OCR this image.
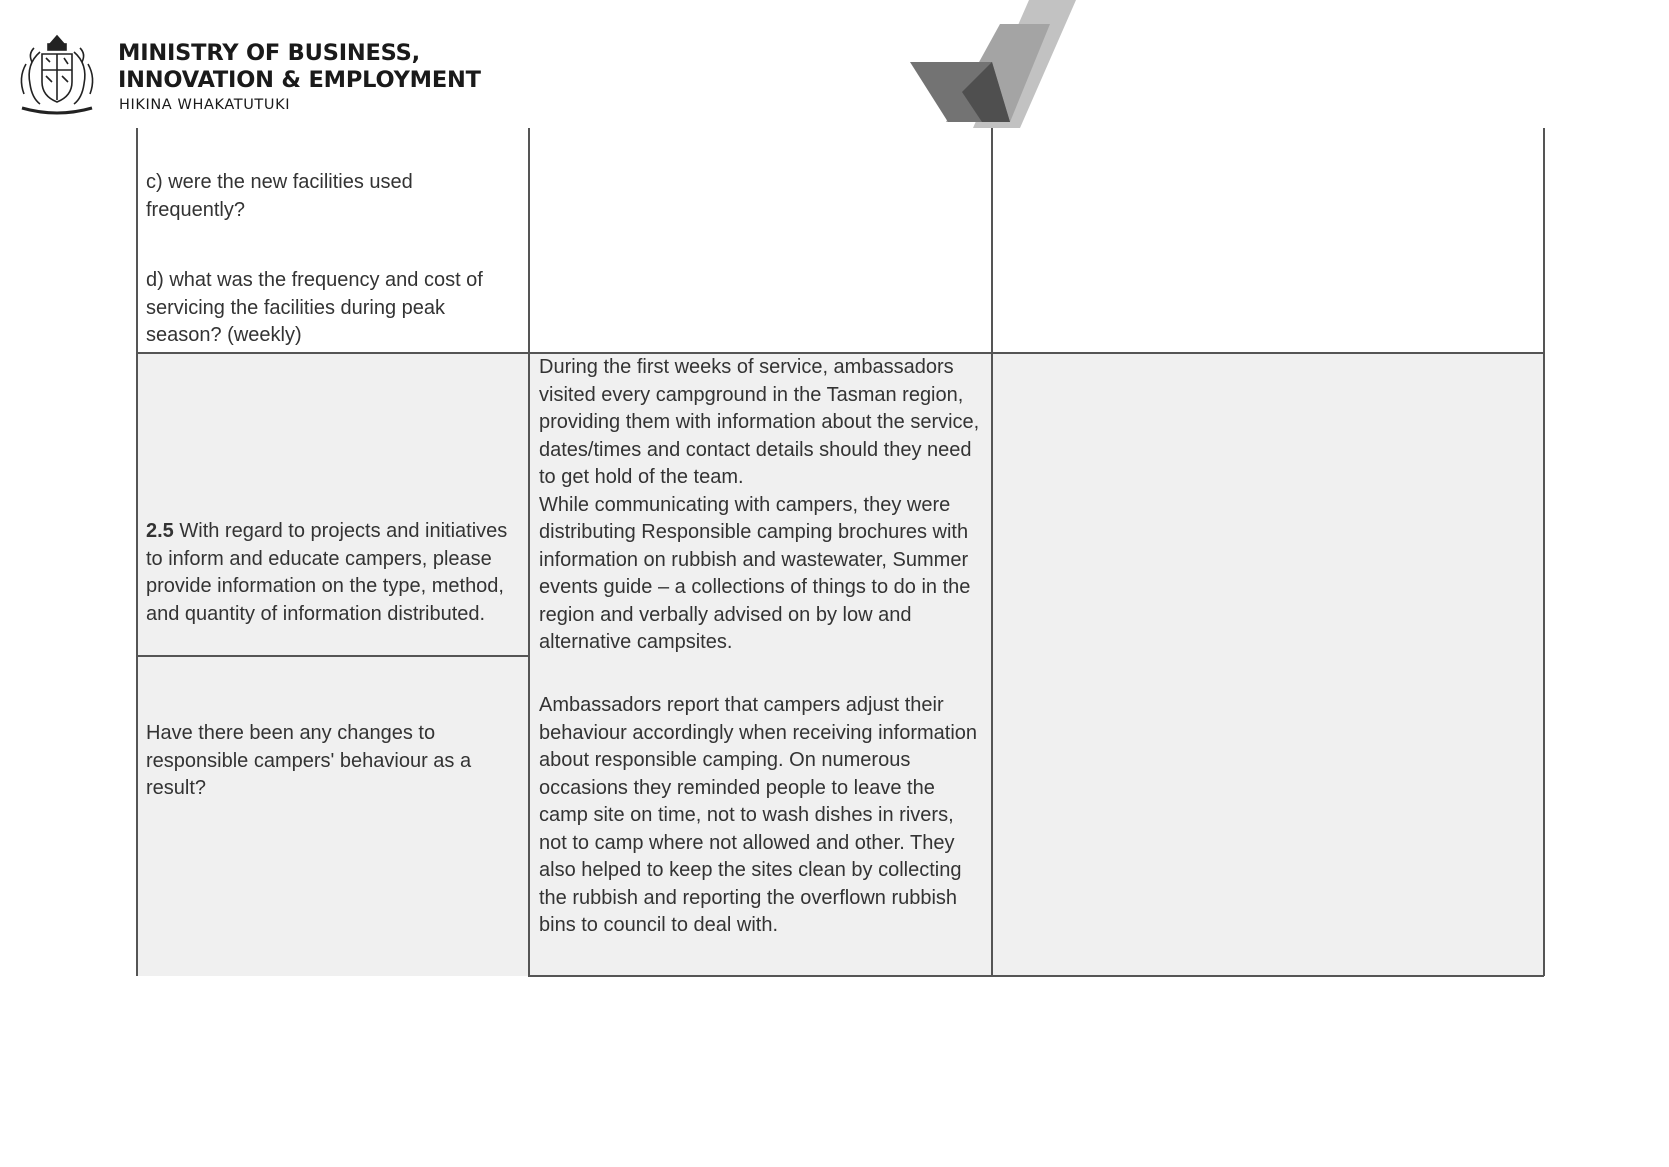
MINISTRY OF BUSINESS,
INNOVATION & EMPLOYMENT
HIKINA WHAKATUTUKI
c) were the new facilities used frequently?
d) what was the frequency and cost of servicing the facilities during peak season? (weekly)
2.5 With regard to projects and initiatives to inform and educate campers, please provide information on the type, method, and quantity of information distributed.

During the first weeks of service, ambassadors visited every campground in the Tasman region, providing them with information about the service, dates/times and contact details should they need to get hold of the team.

While communicating with campers, they were distributing Responsible camping brochures with information on rubbish and wastewater, Summer events guide – a collections of things to do in the region and verbally advised on by low and alternative campsites.

Have there been any changes to responsible campers' behaviour as a result?
Ambassadors report that campers adjust their behaviour accordingly when receiving information about responsible camping. On numerous occasions they reminded people to leave the camp site on time, not to wash dishes in rivers, not to camp where not allowed and other. They also helped to keep the sites clean by collecting the rubbish and reporting the overflown rubbish bins to council to deal with.
